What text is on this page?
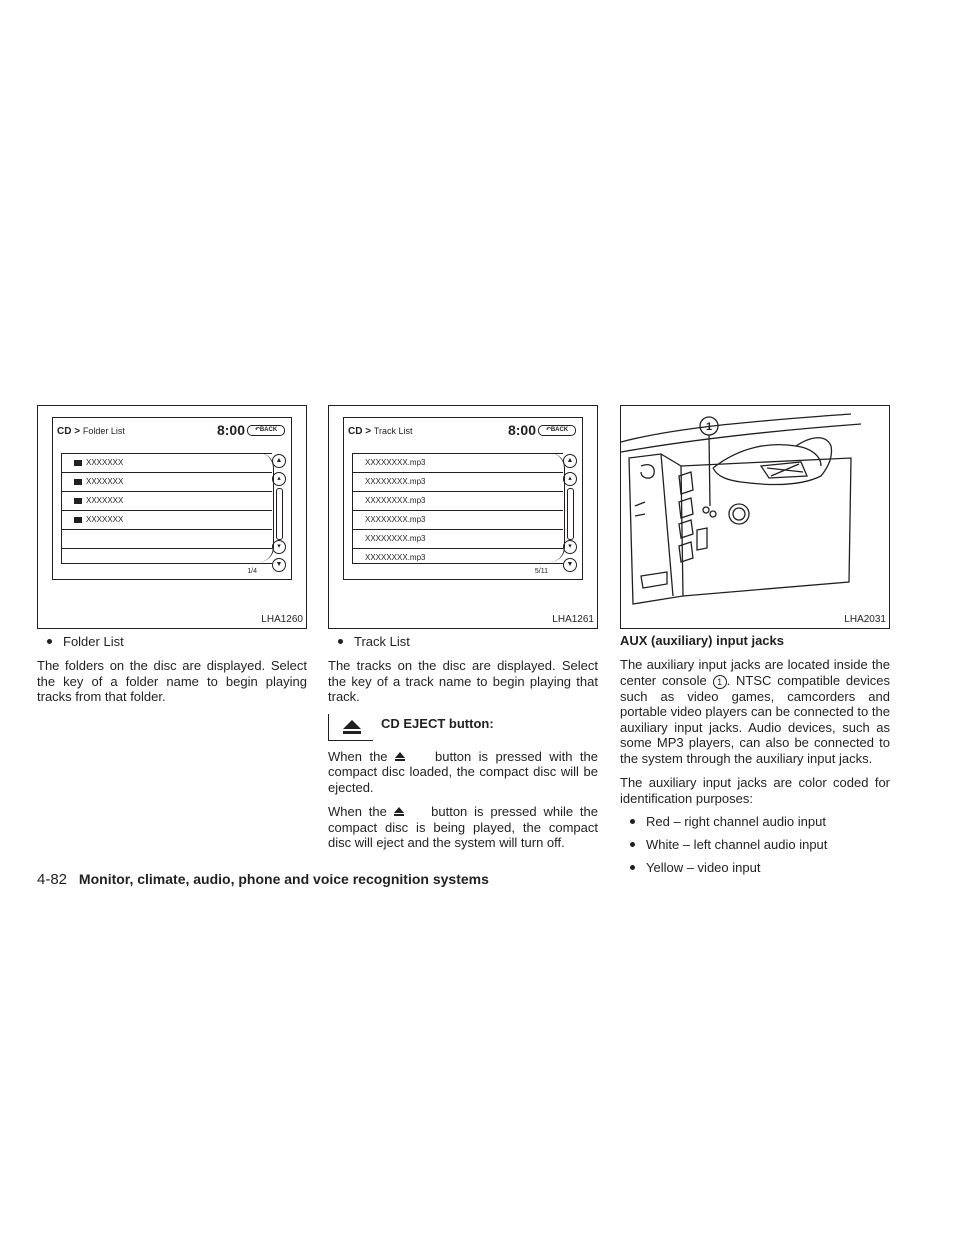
CD > Folder List	8:00	↶BACK
XXXXXXX
XXXXXXX
XXXXXXX
XXXXXXX
▲
▴
▾
▼
1/4
LHA1260
Folder List

The folders on the disc are displayed. Select the key of a folder name to begin playing tracks from that folder.

CD > Track List	8:00	↶BACK
XXXXXXXX.mp3
XXXXXXXX.mp3
XXXXXXXX.mp3
XXXXXXXX.mp3
XXXXXXXX.mp3
XXXXXXXX.mp3
▲
▴
▾
▼
5/11
LHA1261
Track List

The tracks on the disc are displayed. Select the key of a track name to begin playing that track.

CD EJECT button:

When the	button is pressed with the compact disc loaded, the compact disc will be ejected.

When the	button is pressed while the compact disc is being played, the compact disc will eject and the system will turn off.

1
LHA2031
AUX (auxiliary) input jacks

The auxiliary input jacks are located inside the center console 1 . NTSC compatible devices such as video games, camcorders and portable video players can be connected to the auxiliary input jacks. Audio devices, such as some MP3 players, can also be connected to the system through the auxiliary input jacks.

The auxiliary input jacks are color coded for identification purposes:

Red – right channel audio input
White – left channel audio input
Yellow – video input
4-82 Monitor, climate, audio, phone and voice recognition systems
